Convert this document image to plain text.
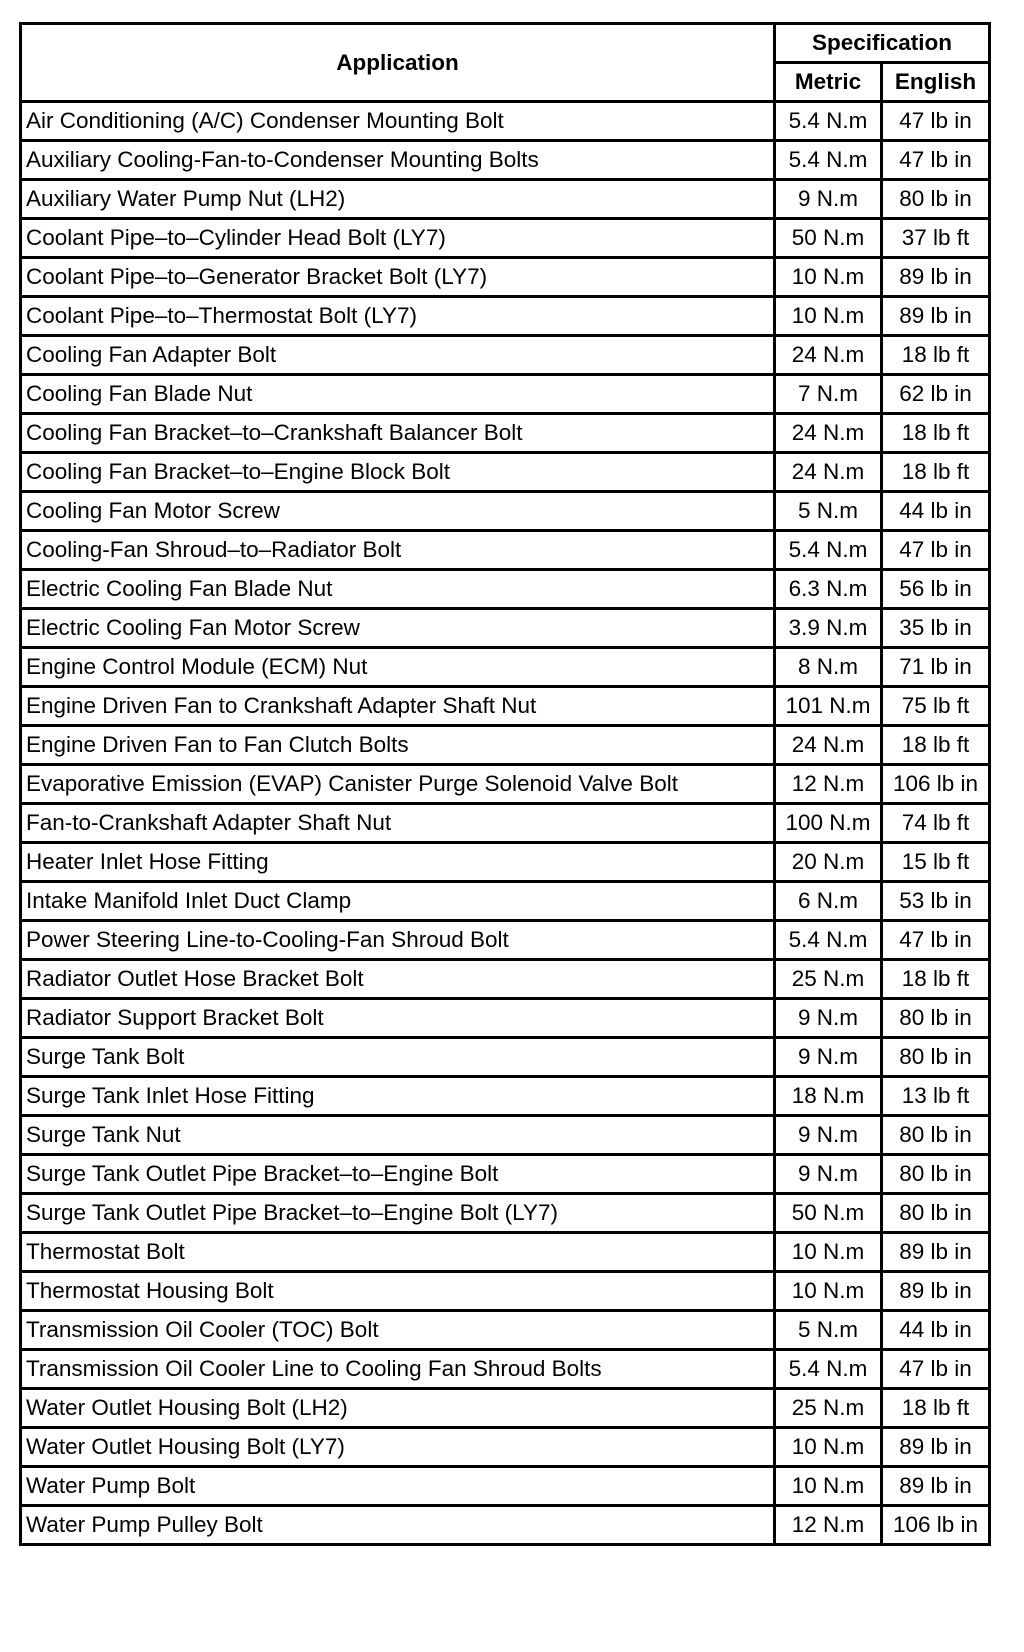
Application	Specification	
	Metric	English
Air Conditioning (A/C) Condenser Mounting Bolt	5.4 N.m	47 lb in
Auxiliary Cooling-Fan-to-Condenser Mounting Bolts	5.4 N.m	47 lb in
Auxiliary Water Pump Nut (LH2)	9 N.m	80 lb in
Coolant Pipe–to–Cylinder Head Bolt (LY7)	50 N.m	37 lb ft
Coolant Pipe–to–Generator Bracket Bolt (LY7)	10 N.m	89 lb in
Coolant Pipe–to–Thermostat Bolt (LY7)	10 N.m	89 lb in
Cooling Fan Adapter Bolt	24 N.m	18 lb ft
Cooling Fan Blade Nut	7 N.m	62 lb in
Cooling Fan Bracket–to–Crankshaft Balancer Bolt	24 N.m	18 lb ft
Cooling Fan Bracket–to–Engine Block Bolt	24 N.m	18 lb ft
Cooling Fan Motor Screw	5 N.m	44 lb in
Cooling-Fan Shroud–to–Radiator Bolt	5.4 N.m	47 lb in
Electric Cooling Fan Blade Nut	6.3 N.m	56 lb in
Electric Cooling Fan Motor Screw	3.9 N.m	35 lb in
Engine Control Module (ECM) Nut	8 N.m	71 lb in
Engine Driven Fan to Crankshaft Adapter Shaft Nut	101 N.m	75 lb ft
Engine Driven Fan to Fan Clutch Bolts	24 N.m	18 lb ft
Evaporative Emission (EVAP) Canister Purge Solenoid Valve Bolt	12 N.m	106 lb in
Fan-to-Crankshaft Adapter Shaft Nut	100 N.m	74 lb ft
Heater Inlet Hose Fitting	20 N.m	15 lb ft
Intake Manifold Inlet Duct Clamp	6 N.m	53 lb in
Power Steering Line-to-Cooling-Fan Shroud Bolt	5.4 N.m	47 lb in
Radiator Outlet Hose Bracket Bolt	25 N.m	18 lb ft
Radiator Support Bracket Bolt	9 N.m	80 lb in
Surge Tank Bolt	9 N.m	80 lb in
Surge Tank Inlet Hose Fitting	18 N.m	13 lb ft
Surge Tank Nut	9 N.m	80 lb in
Surge Tank Outlet Pipe Bracket–to–Engine Bolt	9 N.m	80 lb in
Surge Tank Outlet Pipe Bracket–to–Engine Bolt (LY7)	50 N.m	80 lb in
Thermostat Bolt	10 N.m	89 lb in
Thermostat Housing Bolt	10 N.m	89 lb in
Transmission Oil Cooler (TOC) Bolt	5 N.m	44 lb in
Transmission Oil Cooler Line to Cooling Fan Shroud Bolts	5.4 N.m	47 lb in
Water Outlet Housing Bolt (LH2)	25 N.m	18 lb ft
Water Outlet Housing Bolt (LY7)	10 N.m	89 lb in
Water Pump Bolt	10 N.m	89 lb in
Water Pump Pulley Bolt	12 N.m	106 lb in
